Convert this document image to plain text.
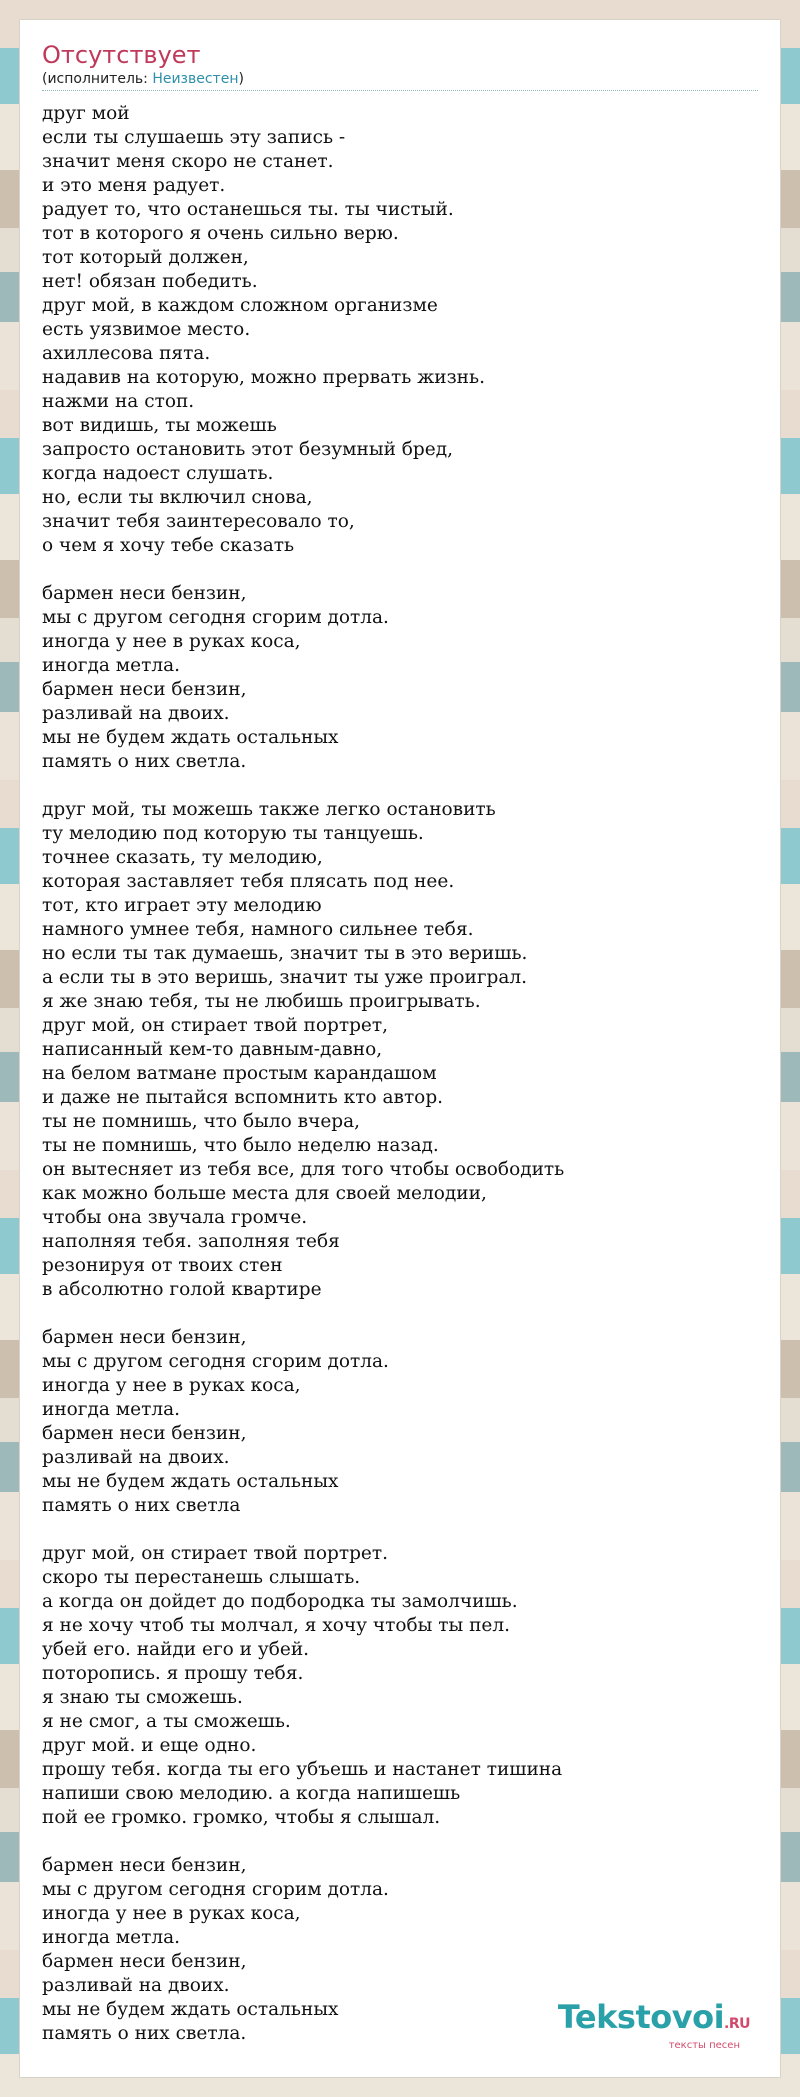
Отсутствует
(исполнитель: Неизвестен)
друг мой
если ты слушаешь эту запись -
значит меня скоро не станет.
и это меня радует.
радует то, что останешься ты. ты чистый.
тот в которого я очень сильно верю.
тот который должен,
нет! обязан победить.
друг мой, в каждом сложном организме
есть уязвимое место.
ахиллесова пята.
надавив на которую, можно прервать жизнь.
нажми на стоп.
вот видишь, ты можешь
запросто остановить этот безумный бред,
когда надоест слушать.
но, если ты включил снова,
значит тебя заинтересовало то,
о чем я хочу тебе сказать
бармен неси бензин,
мы с другом сегодня сгорим дотла.
иногда у нее в руках коса,
иногда метла.
бармен неси бензин,
разливай на двоих.
мы не будем ждать остальных
память о них светла.
друг мой, ты можешь также легко остановить
ту мелодию под которую ты танцуешь.
точнее сказать, ту мелодию,
которая заставляет тебя плясать под нее.
тот, кто играет эту мелодию
намного умнее тебя, намного сильнее тебя.
но если ты так думаешь, значит ты в это веришь.
а если ты в это веришь, значит ты уже проиграл.
я же знаю тебя, ты не любишь проигрывать.
друг мой, он стирает твой портрет,
написанный кем-то давным-давно,
на белом ватмане простым карандашом
и даже не пытайся вспомнить кто автор.
ты не помнишь, что было вчера,
ты не помнишь, что было неделю назад.
он вытесняет из тебя все, для того чтобы освободить
как можно больше места для своей мелодии,
чтобы она звучала громче.
наполняя тебя. заполняя тебя
резонируя от твоих стен
в абсолютно голой квартире
бармен неси бензин,
мы с другом сегодня сгорим дотла.
иногда у нее в руках коса,
иногда метла.
бармен неси бензин,
разливай на двоих.
мы не будем ждать остальных
память о них светла
друг мой, он стирает твой портрет.
скоро ты перестанешь слышать.
а когда он дойдет до подбородка ты замолчишь.
я не хочу чтоб ты молчал, я хочу чтобы ты пел.
убей его. найди его и убей.
поторопись. я прошу тебя.
я знаю ты сможешь.
я не смог, а ты сможешь.
друг мой. и еще одно.
прошу тебя. когда ты его убъешь и настанет тишина
напиши свою мелодию. а когда напишешь
пой ее громко. громко, чтобы я слышал.
бармен неси бензин,
мы с другом сегодня сгорим дотла.
иногда у нее в руках коса,
иногда метла.
бармен неси бензин,
разливай на двоих.
мы не будем ждать остальных
память о них светла.	Tekstovoi.RU
тексты песен
